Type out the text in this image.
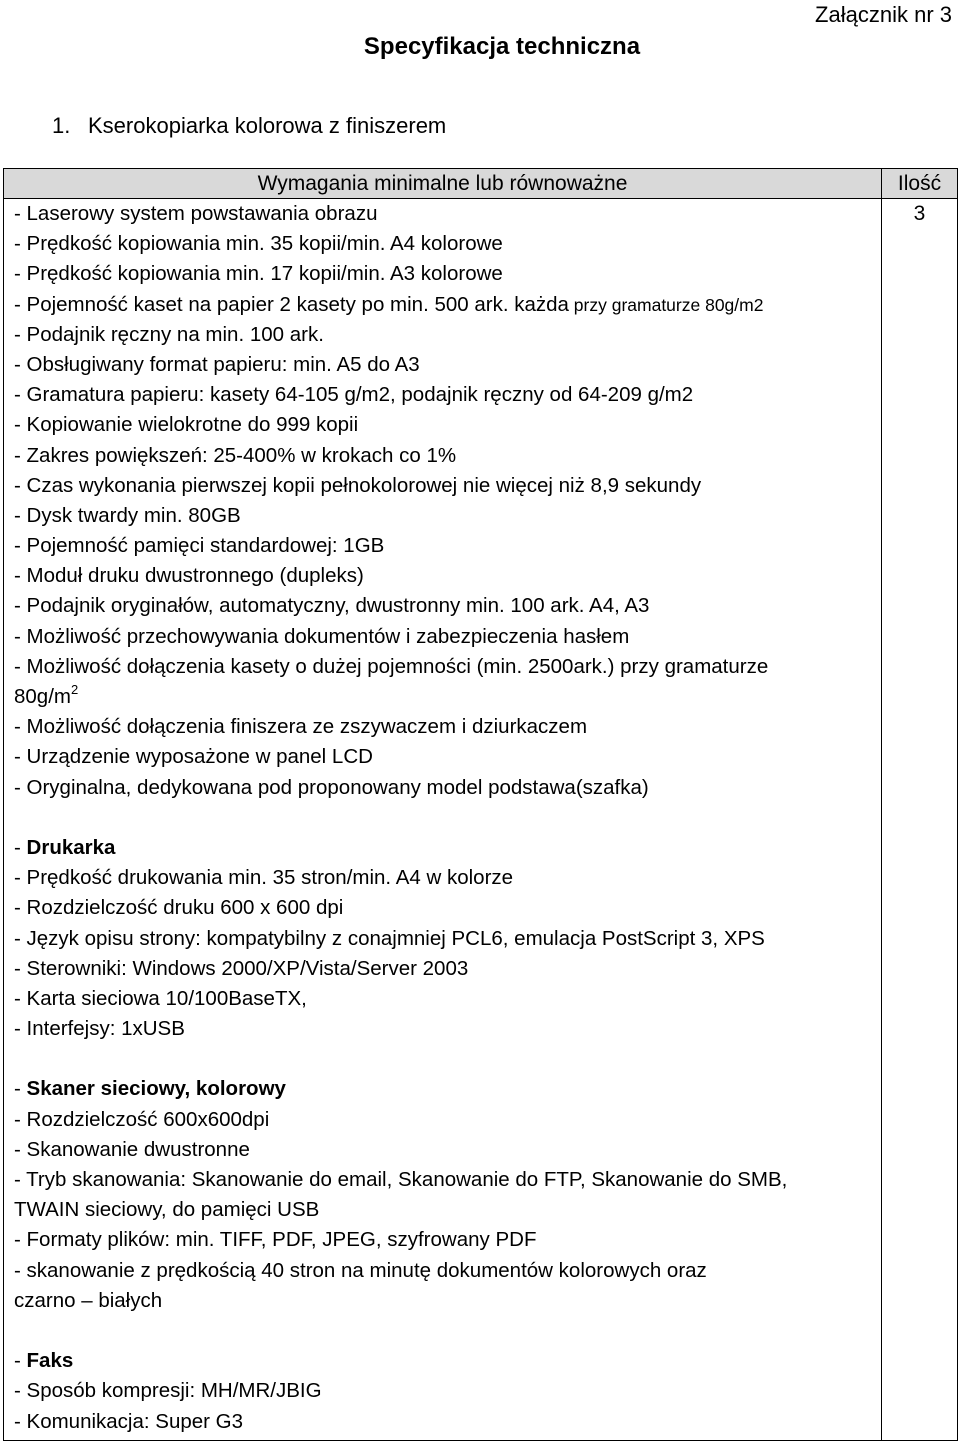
Załącznik nr 3
Specyfikacja techniczna
1. Kserokopiarka kolorowa z finiszerem
Wymagania minimalne lub równoważne	Ilość
3
- Laserowy system powstawania obrazu
- Prędkość kopiowania min. 35 kopii/min. A4 kolorowe
- Prędkość kopiowania min. 17 kopii/min. A3 kolorowe
- Pojemność kaset na papier 2 kasety po min. 500 ark. każda przy gramaturze 80g/m2
- Podajnik ręczny na min. 100 ark.
- Obsługiwany format papieru: min. A5 do A3
- Gramatura papieru: kasety 64-105 g/m2, podajnik ręczny od 64-209 g/m2
- Kopiowanie wielokrotne do 999 kopii
- Zakres powiększeń: 25-400% w krokach co 1%
- Czas wykonania pierwszej kopii pełnokolorowej nie więcej niż 8,9 sekundy
- Dysk twardy min. 80GB
- Pojemność pamięci standardowej: 1GB
- Moduł druku dwustronnego (dupleks)
- Podajnik oryginałów, automatyczny, dwustronny min. 100 ark. A4, A3
- Możliwość przechowywania dokumentów i zabezpieczenia hasłem
- Możliwość dołączenia kasety o dużej pojemności (min. 2500ark.) przy gramaturze
$80g/m^2$
- Możliwość dołączenia finiszera ze zszywaczem i dziurkaczem
- Urządzenie wyposażone w panel LCD
- Oryginalna, dedykowana pod proponowany model podstawa(szafka)
- Drukarka
- Prędkość drukowania min. 35 stron/min. A4 w kolorze
- Rozdzielczość druku 600 x 600 dpi
- Język opisu strony: kompatybilny z conajmniej PCL6, emulacja PostScript 3, XPS
- Sterowniki: Windows 2000/XP/Vista/Server 2003
- Karta sieciowa 10/100BaseTX,
- Interfejsy: 1xUSB
- Skaner sieciowy, kolorowy
- Rozdzielczość 600x600dpi
- Skanowanie dwustronne
- Tryb skanowania: Skanowanie do email, Skanowanie do FTP, Skanowanie do SMB,
TWAIN sieciowy, do pamięci USB
- Formaty plików: min. TIFF, PDF, JPEG, szyfrowany PDF
- skanowanie z prędkością 40 stron na minutę dokumentów kolorowych oraz
czarno – białych
- Faks
- Sposób kompresji: MH/MR/JBIG
- Komunikacja: Super G3
